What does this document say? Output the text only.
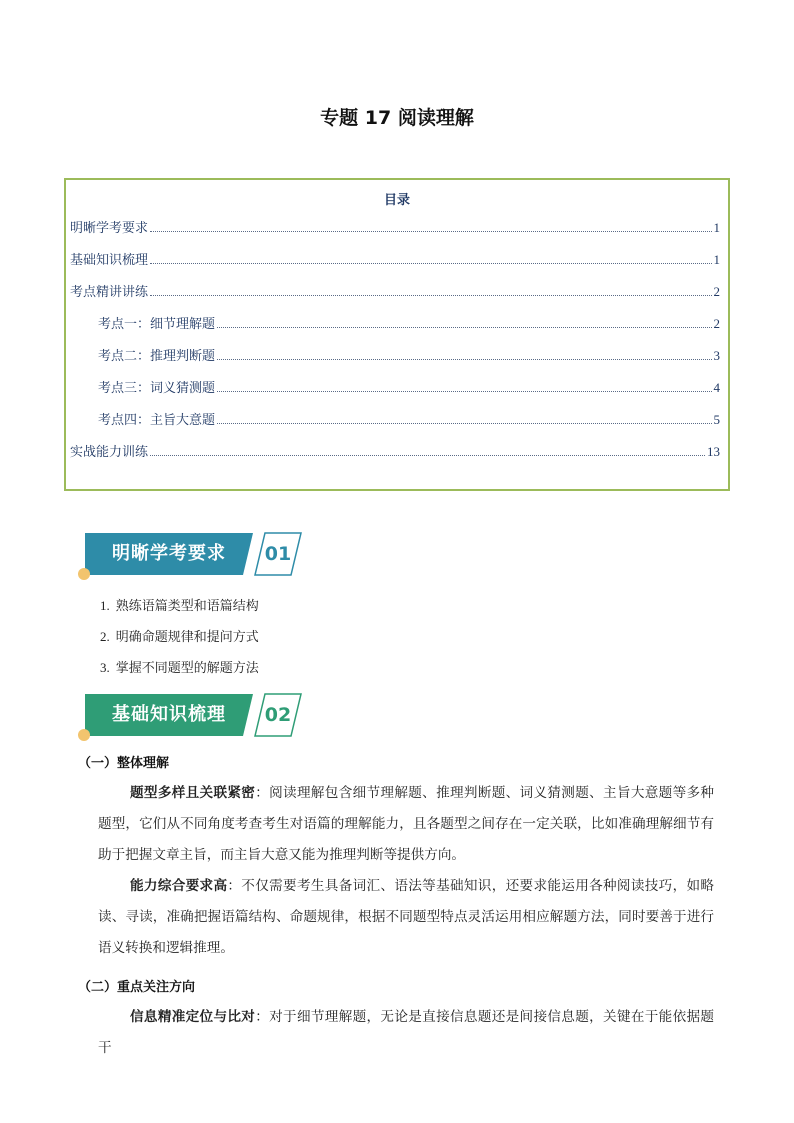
专题 17 阅读理解
目录
明晰学考要求	1
基础知识梳理	1
考点精讲讲练	2
考点一：细节理解题	2
考点二：推理判断题	3
考点三：词义猜测题	4
考点四：主旨大意题	5
实战能力训练	13
明晰学考要求	01
1. 熟练语篇类型和语篇结构
2. 明确命题规律和提问方式
3. 掌握不同题型的解题方法
基础知识梳理	02
（一）整体理解
题型多样且关联紧密：阅读理解包含细节理解题、推理判断题、词义猜测题、主旨大意题等多种题型，它们从不同角度考查考生对语篇的理解能力，且各题型之间存在一定关联，比如准确理解细节有助于把握文章主旨，而主旨大意又能为推理判断等提供方向。
能力综合要求高：不仅需要考生具备词汇、语法等基础知识，还要求能运用各种阅读技巧，如略读、寻读，准确把握语篇结构、命题规律，根据不同题型特点灵活运用相应解题方法，同时要善于进行语义转换和逻辑推理。
（二）重点关注方向
信息精准定位与比对：对于细节理解题，无论是直接信息题还是间接信息题，关键在于能依据题干
